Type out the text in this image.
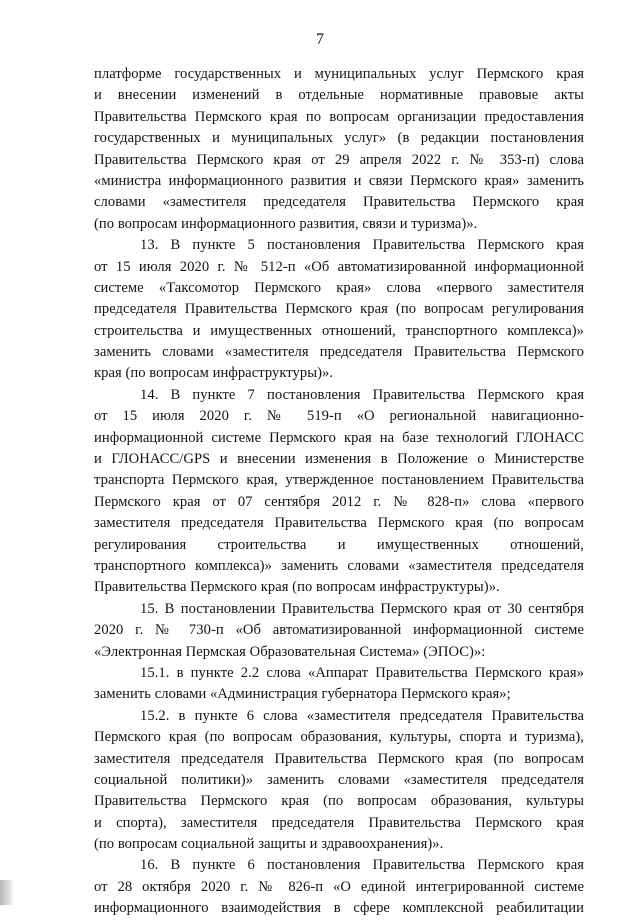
7
платформе государственных и муниципальных услуг Пермского края
и внесении изменений в отдельные нормативные правовые акты
Правительства Пермского края по вопросам организации предоставления
государственных и муниципальных услуг» (в редакции постановления
Правительства Пермского края от 29 апреля 2022 г. № 353-п) слова
«министра информационного развития и связи Пермского края» заменить
словами «заместителя председателя Правительства Пермского края
(по вопросам информационного развития, связи и туризма)».
13. В пункте 5 постановления Правительства Пермского края
от 15 июля 2020 г. № 512-п «Об автоматизированной информационной
системе «Таксомотор Пермского края» слова «первого заместителя
председателя Правительства Пермского края (по вопросам регулирования
строительства и имущественных отношений, транспортного комплекса)»
заменить словами «заместителя председателя Правительства Пермского
края (по вопросам инфраструктуры)».
14. В пункте 7 постановления Правительства Пермского края
от 15 июля 2020 г. № 519-п «О региональной навигационно-
информационной системе Пермского края на базе технологий ГЛОНАСС
и ГЛОНАСС/GPS и внесении изменения в Положение о Министерстве
транспорта Пермского края, утвержденное постановлением Правительства
Пермского края от 07 сентября 2012 г. № 828-п» слова «первого
заместителя председателя Правительства Пермского края (по вопросам
регулирования строительства и имущественных отношений,
транспортного комплекса)» заменить словами «заместителя председателя
Правительства Пермского края (по вопросам инфраструктуры)».
15. В постановлении Правительства Пермского края от 30 сентября
2020 г. № 730-п «Об автоматизированной информационной системе
«Электронная Пермская Образовательная Система» (ЭПОС)»:
15.1. в пункте 2.2 слова «Аппарат Правительства Пермского края»
заменить словами «Администрация губернатора Пермского края»;
15.2. в пункте 6 слова «заместителя председателя Правительства
Пермского края (по вопросам образования, культуры, спорта и туризма),
заместителя председателя Правительства Пермского края (по вопросам
социальной политики)» заменить словами «заместителя председателя
Правительства Пермского края (по вопросам образования, культуры
и спорта), заместителя председателя Правительства Пермского края
(по вопросам социальной защиты и здравоохранения)».
16. В пункте 6 постановления Правительства Пермского края
от 28 октября 2020 г. № 826-п «О единой интегрированной системе
информационного взаимодействия в сфере комплексной реабилитации
